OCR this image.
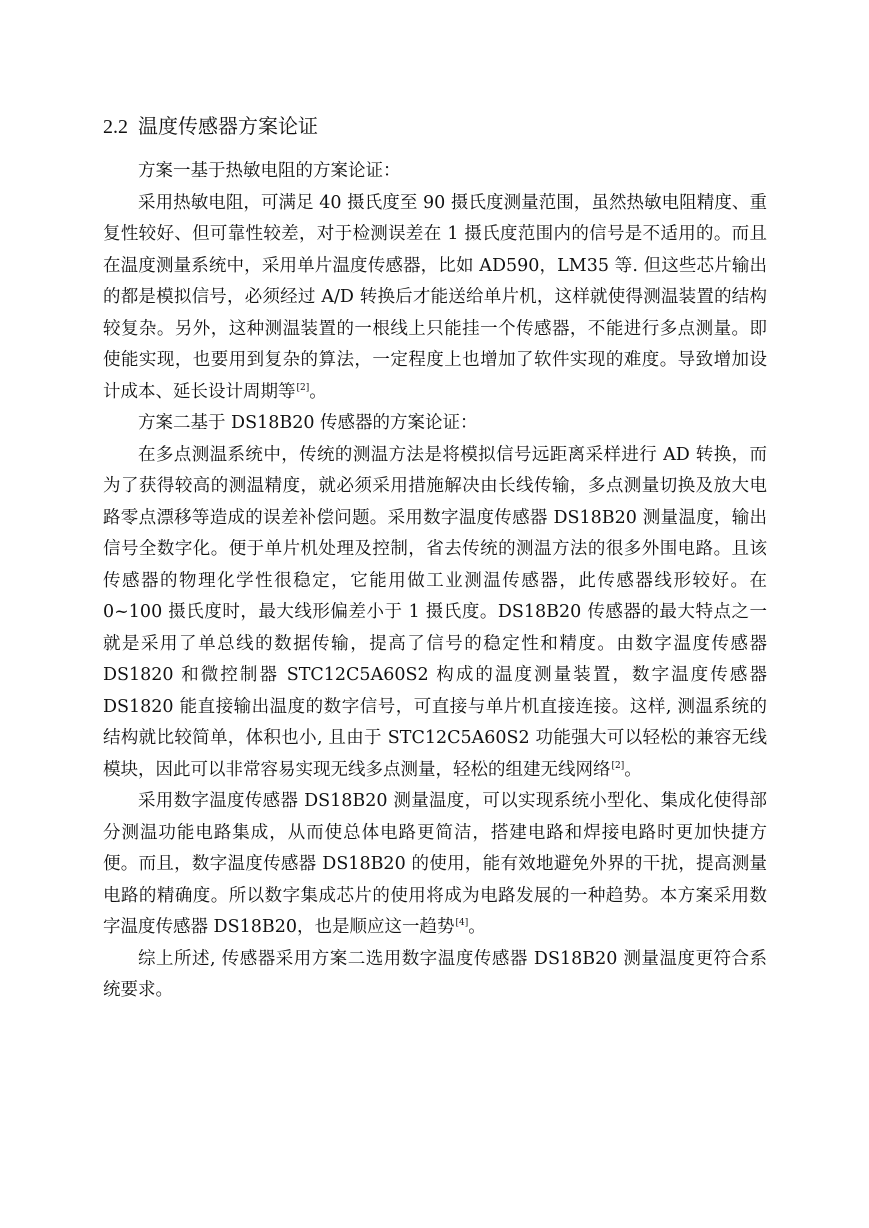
2.2 温度传感器方案论证

方案一基于热敏电阻的方案论证：

采用热敏电阻，可满足 40 摄氏度至 90 摄氏度测量范围，虽然热敏电阻精度、重复性较好、但可靠性较差，对于检测误差在 1 摄氏度范围内的信号是不适用的。而且在温度测量系统中，采用单片温度传感器，比如 AD590，LM35 等. 但这些芯片输出的都是模拟信号，必须经过 A/D 转换后才能送给单片机，这样就使得测温装置的结构较复杂。另外，这种测温装置的一根线上只能挂一个传感器，不能进行多点测量。即使能实现，也要用到复杂的算法，一定程度上也增加了软件实现的难度。导致增加设计成本、延长设计周期等[2]。

方案二基于 DS18B20 传感器的方案论证：

在多点测温系统中，传统的测温方法是将模拟信号远距离采样进行 AD 转换，而为了获得较高的测温精度，就必须采用措施解决由长线传输，多点测量切换及放大电路零点漂移等造成的误差补偿问题。采用数字温度传感器 DS18B20 测量温度，输出信号全数字化。便于单片机处理及控制，省去传统的测温方法的很多外围电路。且该传感器的物理化学性很稳定，它能用做工业测温传感器，此传感器线形较好。在 0~100 摄氏度时，最大线形偏差小于 1 摄氏度。DS18B20 传感器的最大特点之一就是采用了单总线的数据传输，提高了信号的稳定性和精度。由数字温度传感器 DS1820 和微控制器 STC12C5A60S2 构成的温度测量装置，数字温度传感器 DS1820 能直接输出温度的数字信号，可直接与单片机直接连接。这样, 测温系统的结构就比较简单，体积也小, 且由于 STC12C5A60S2 功能强大可以轻松的兼容无线模块，因此可以非常容易实现无线多点测量，轻松的组建无线网络[2]。

采用数字温度传感器 DS18B20 测量温度，可以实现系统小型化、集成化使得部分测温功能电路集成，从而使总体电路更简洁，搭建电路和焊接电路时更加快捷方便。而且，数字温度传感器 DS18B20 的使用，能有效地避免外界的干扰，提高测量电路的精确度。所以数字集成芯片的使用将成为电路发展的一种趋势。本方案采用数字温度传感器 DS18B20，也是顺应这一趋势[4]。

综上所述, 传感器采用方案二选用数字温度传感器 DS18B20 测量温度更符合系统要求。
